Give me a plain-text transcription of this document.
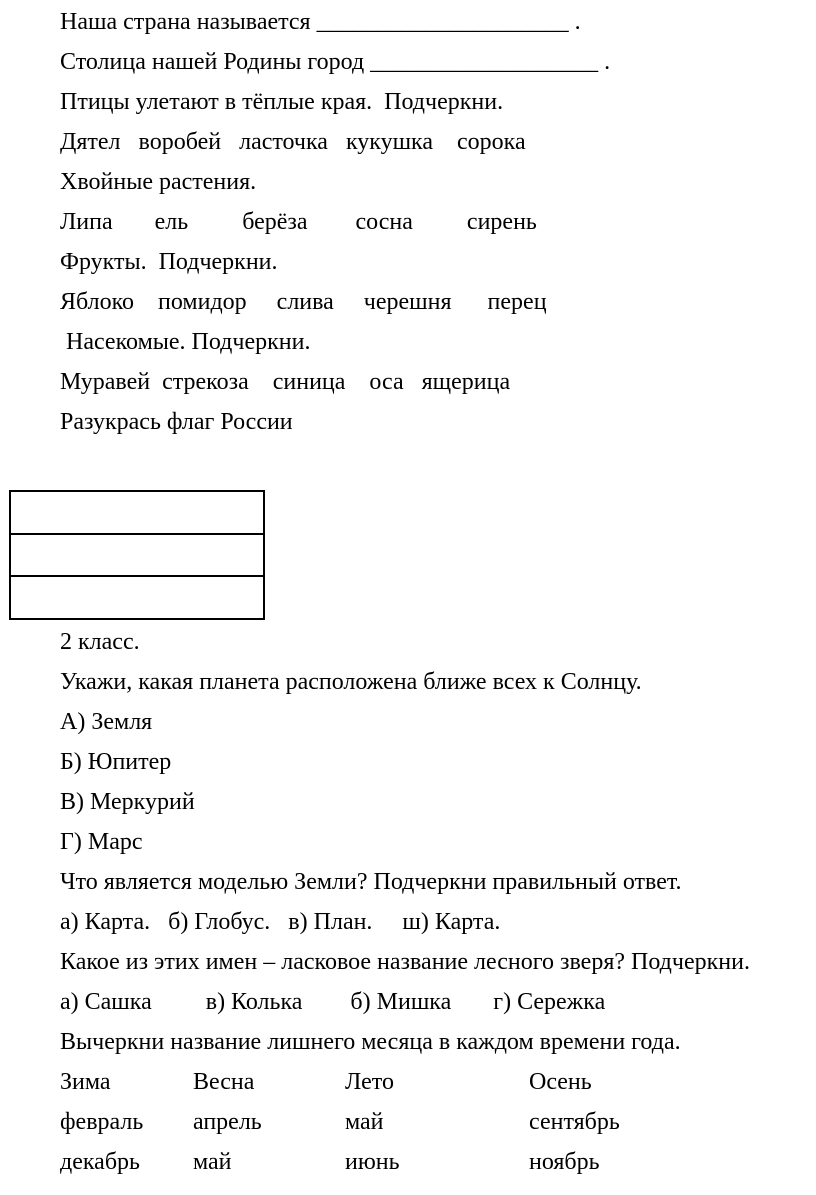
Наша страна называется _____________________ .

Столица нашей Родины город ___________________ .

Птицы улетают в тёплые края.  Подчеркни.

Дятел   воробей   ласточка   кукушка    сорока

Хвойные растения.

Липа       ель         берёза        сосна         сирень

Фрукты.  Подчеркни.

Яблоко    помидор     слива     черешня      перец

Насекомые. Подчеркни.

Муравей  стрекоза    синица    оса   ящерица

Разукрась флаг России

2 класс.

Укажи, какая планета расположена ближе всех к Солнцу.

А) Земля

Б) Юпитер

В) Меркурий

Г) Марс

Что является моделью Земли? Подчеркни правильный ответ.

а) Карта.   б) Глобус.   в) План.     ш) Карта.

Какое из этих имен – ласковое название лесного зверя? Подчеркни.

а) Сашка         в) Колька        б) Мишка       г) Сережка

Вычеркни название лишнего месяца в каждом времени года.

Зима	Весна	Лето	Осень
февраль	апрель	май	сентябрь
декабрь	май	июнь	ноябрь
